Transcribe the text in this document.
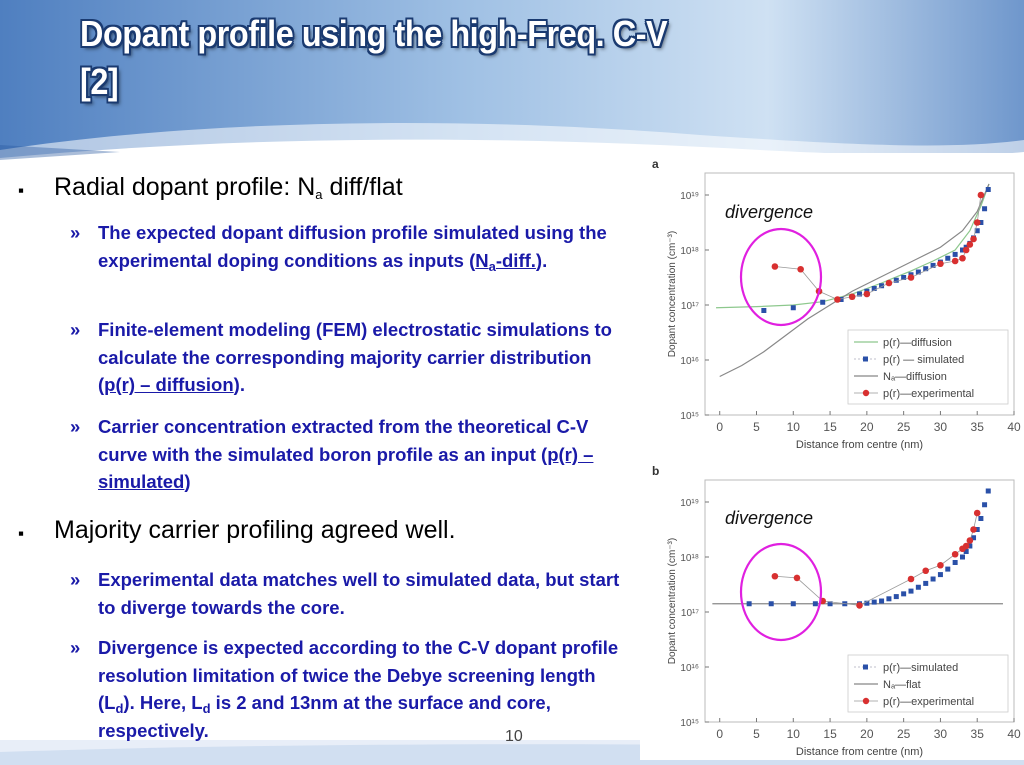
Dopant profile using the high-Freq. C-V
[2]
▪ Radial dopant profile: Na diff/flat
» The expected dopant diffusion profile simulated using the experimental doping conditions as inputs $(N_a-diff.)$.
» Finite-element modeling (FEM) electrostatic simulations to calculate the corresponding majority carrier distribution (p(r) – diffusion).
» Carrier concentration extracted from the theoretical C-V curve with the simulated boron profile as an input (p(r) – simulated)
▪ Majority carrier profiling agreed well.
» Experimental data matches well to simulated data, but start to diverge towards the core.
» Divergence is expected according to the C-V dopant profile resolution limitation of twice the Debye screening length $(L_d)$. Here, $L_d$ is 2 and 13nm at the surface and core, respectively.	10
a
10¹⁵
10¹⁶
10¹⁷
10¹⁸
10¹⁹
0	5 10 15 20 25 30 35 40
Distance from centre (nm)
Dopant concentration (cm⁻³)	p(r)—diffusion
p(r) — simulated
Nₐ—diffusion
p(r)—experimental
divergence
b
10¹⁵
10¹⁶
10¹⁷
10¹⁸
10¹⁹
0	5 10 15 20 25 30 35 40
Distance from centre (nm)
Dopant concentration (cm⁻³)
p(r)—simulated
Nₐ—flat
p(r)—experimental
divergence
